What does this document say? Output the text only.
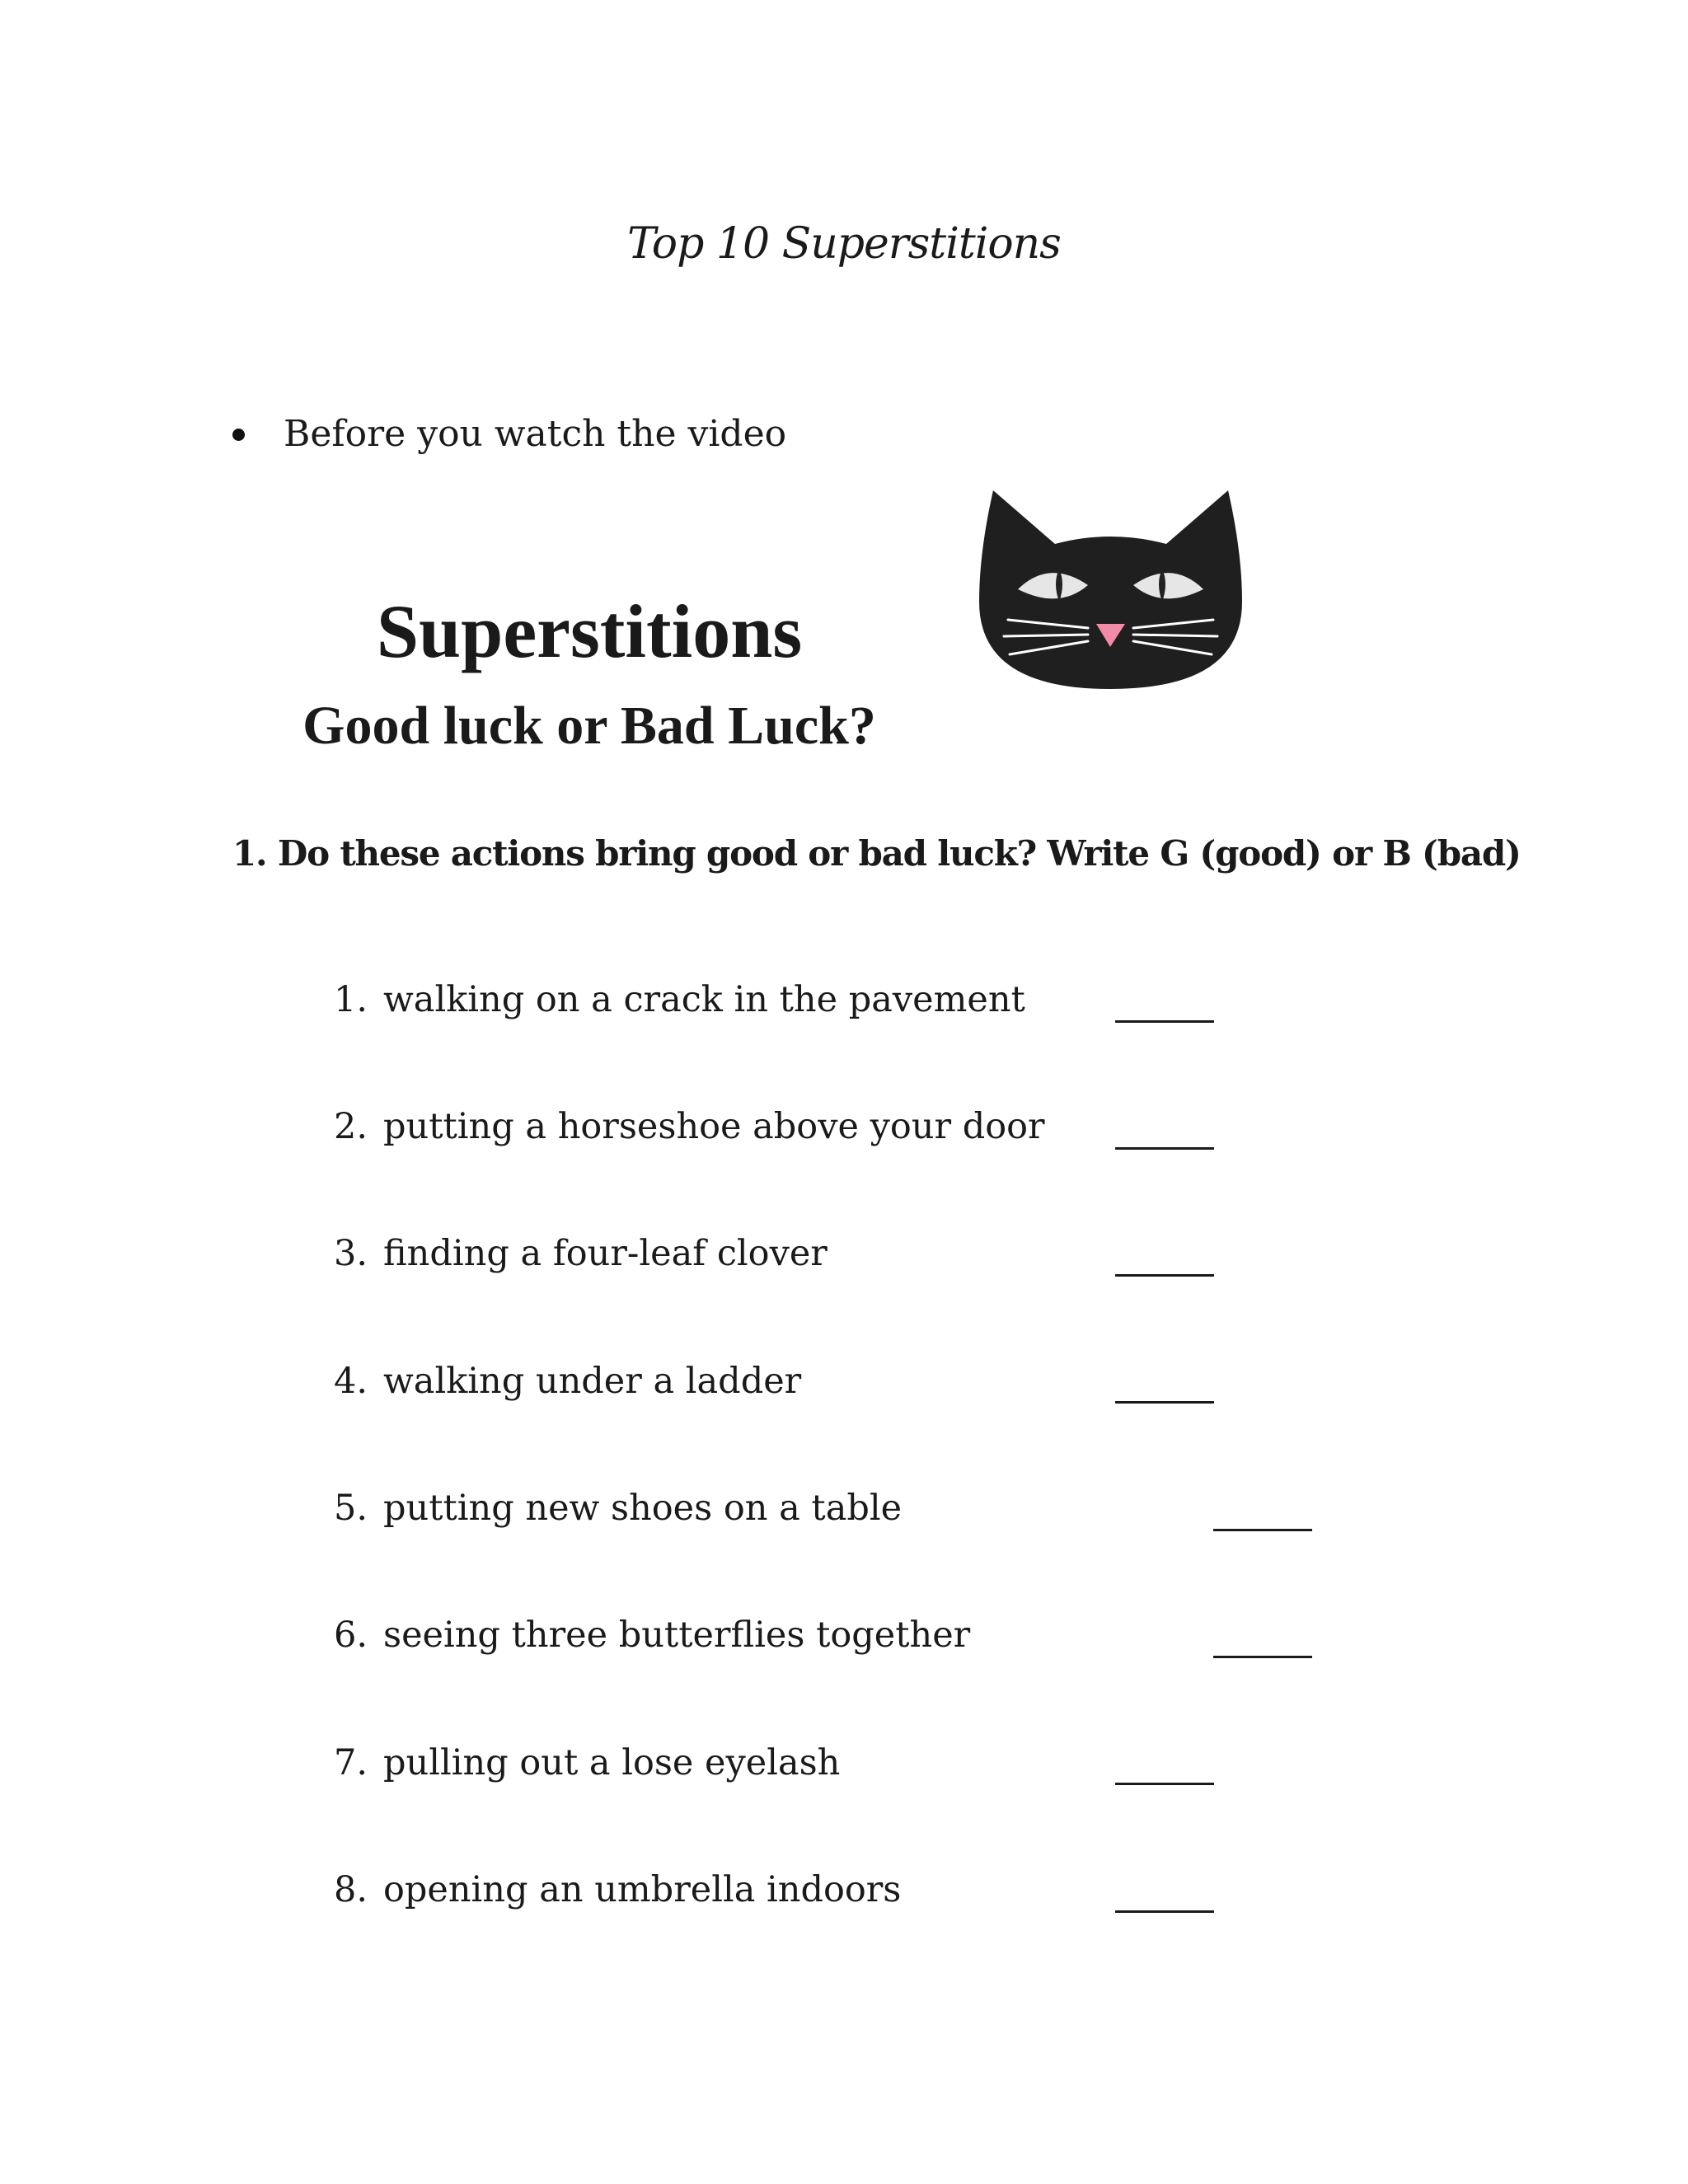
Top 10 Superstitions
Before you watch the video
Superstitions
Good luck or Bad Luck?
1. Do these actions bring good or bad luck? Write G (good) or B (bad)
1. walking on a crack in the pavement
2. putting a horseshoe above your door
3. finding a four-leaf clover
4. walking under a ladder
5. putting new shoes on a table
6. seeing three butterflies together
7. pulling out a lose eyelash
8. opening an umbrella indoors
